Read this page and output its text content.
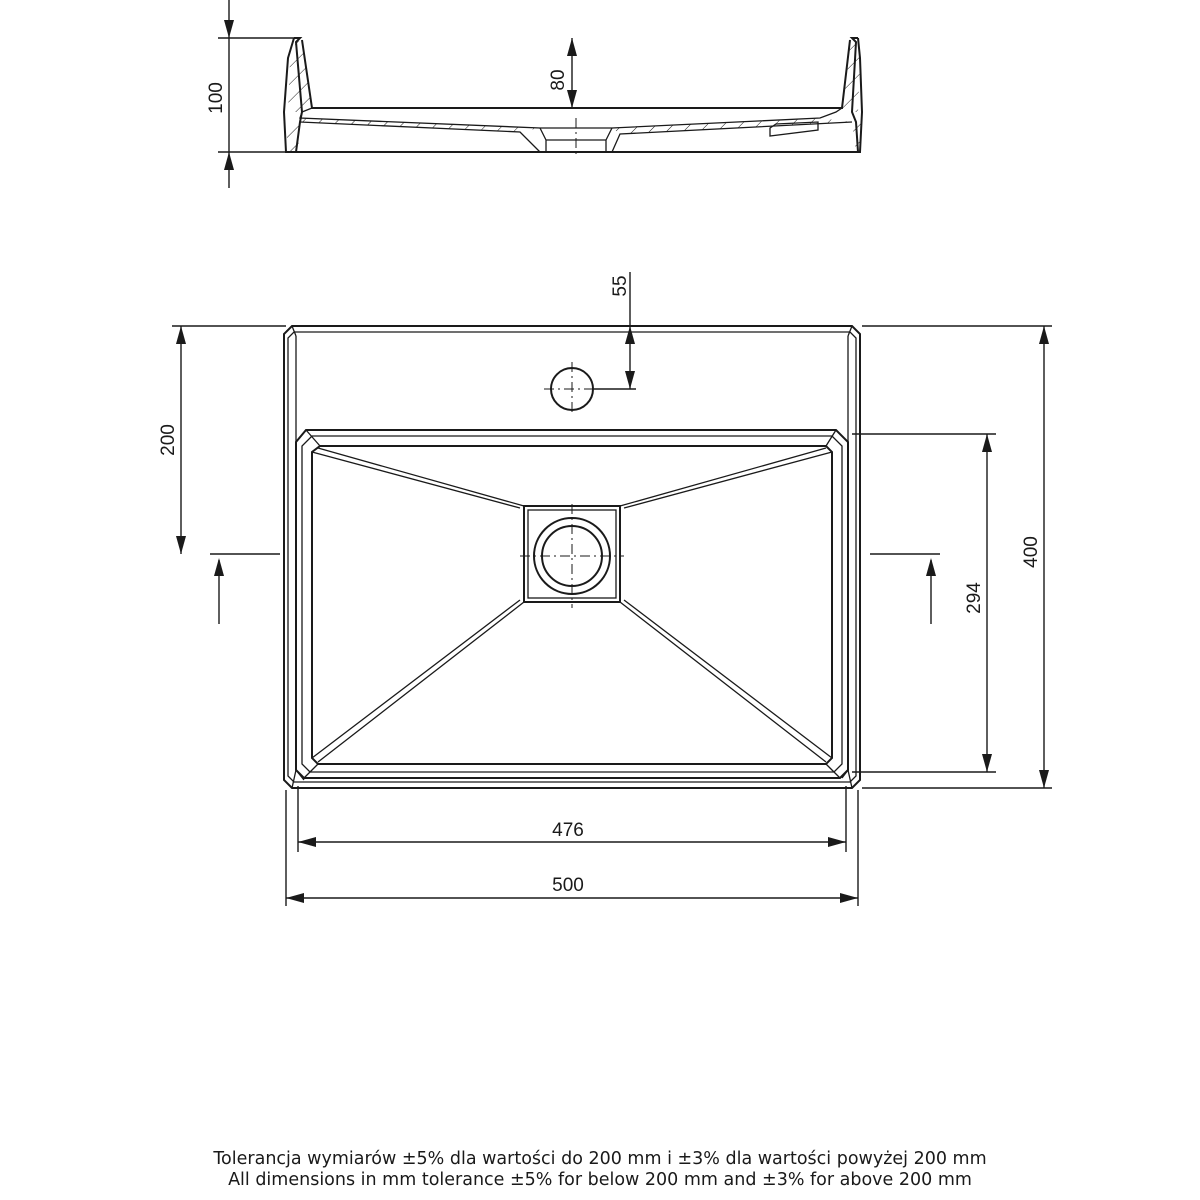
100
80
55
200
294
400
476
500
Tolerancja wymiarów ±5% dla wartości do 200 mm i ±3% dla wartości powyżej 200 mm
All dimensions in mm tolerance ±5% for below 200 mm and ±3% for above 200 mm
